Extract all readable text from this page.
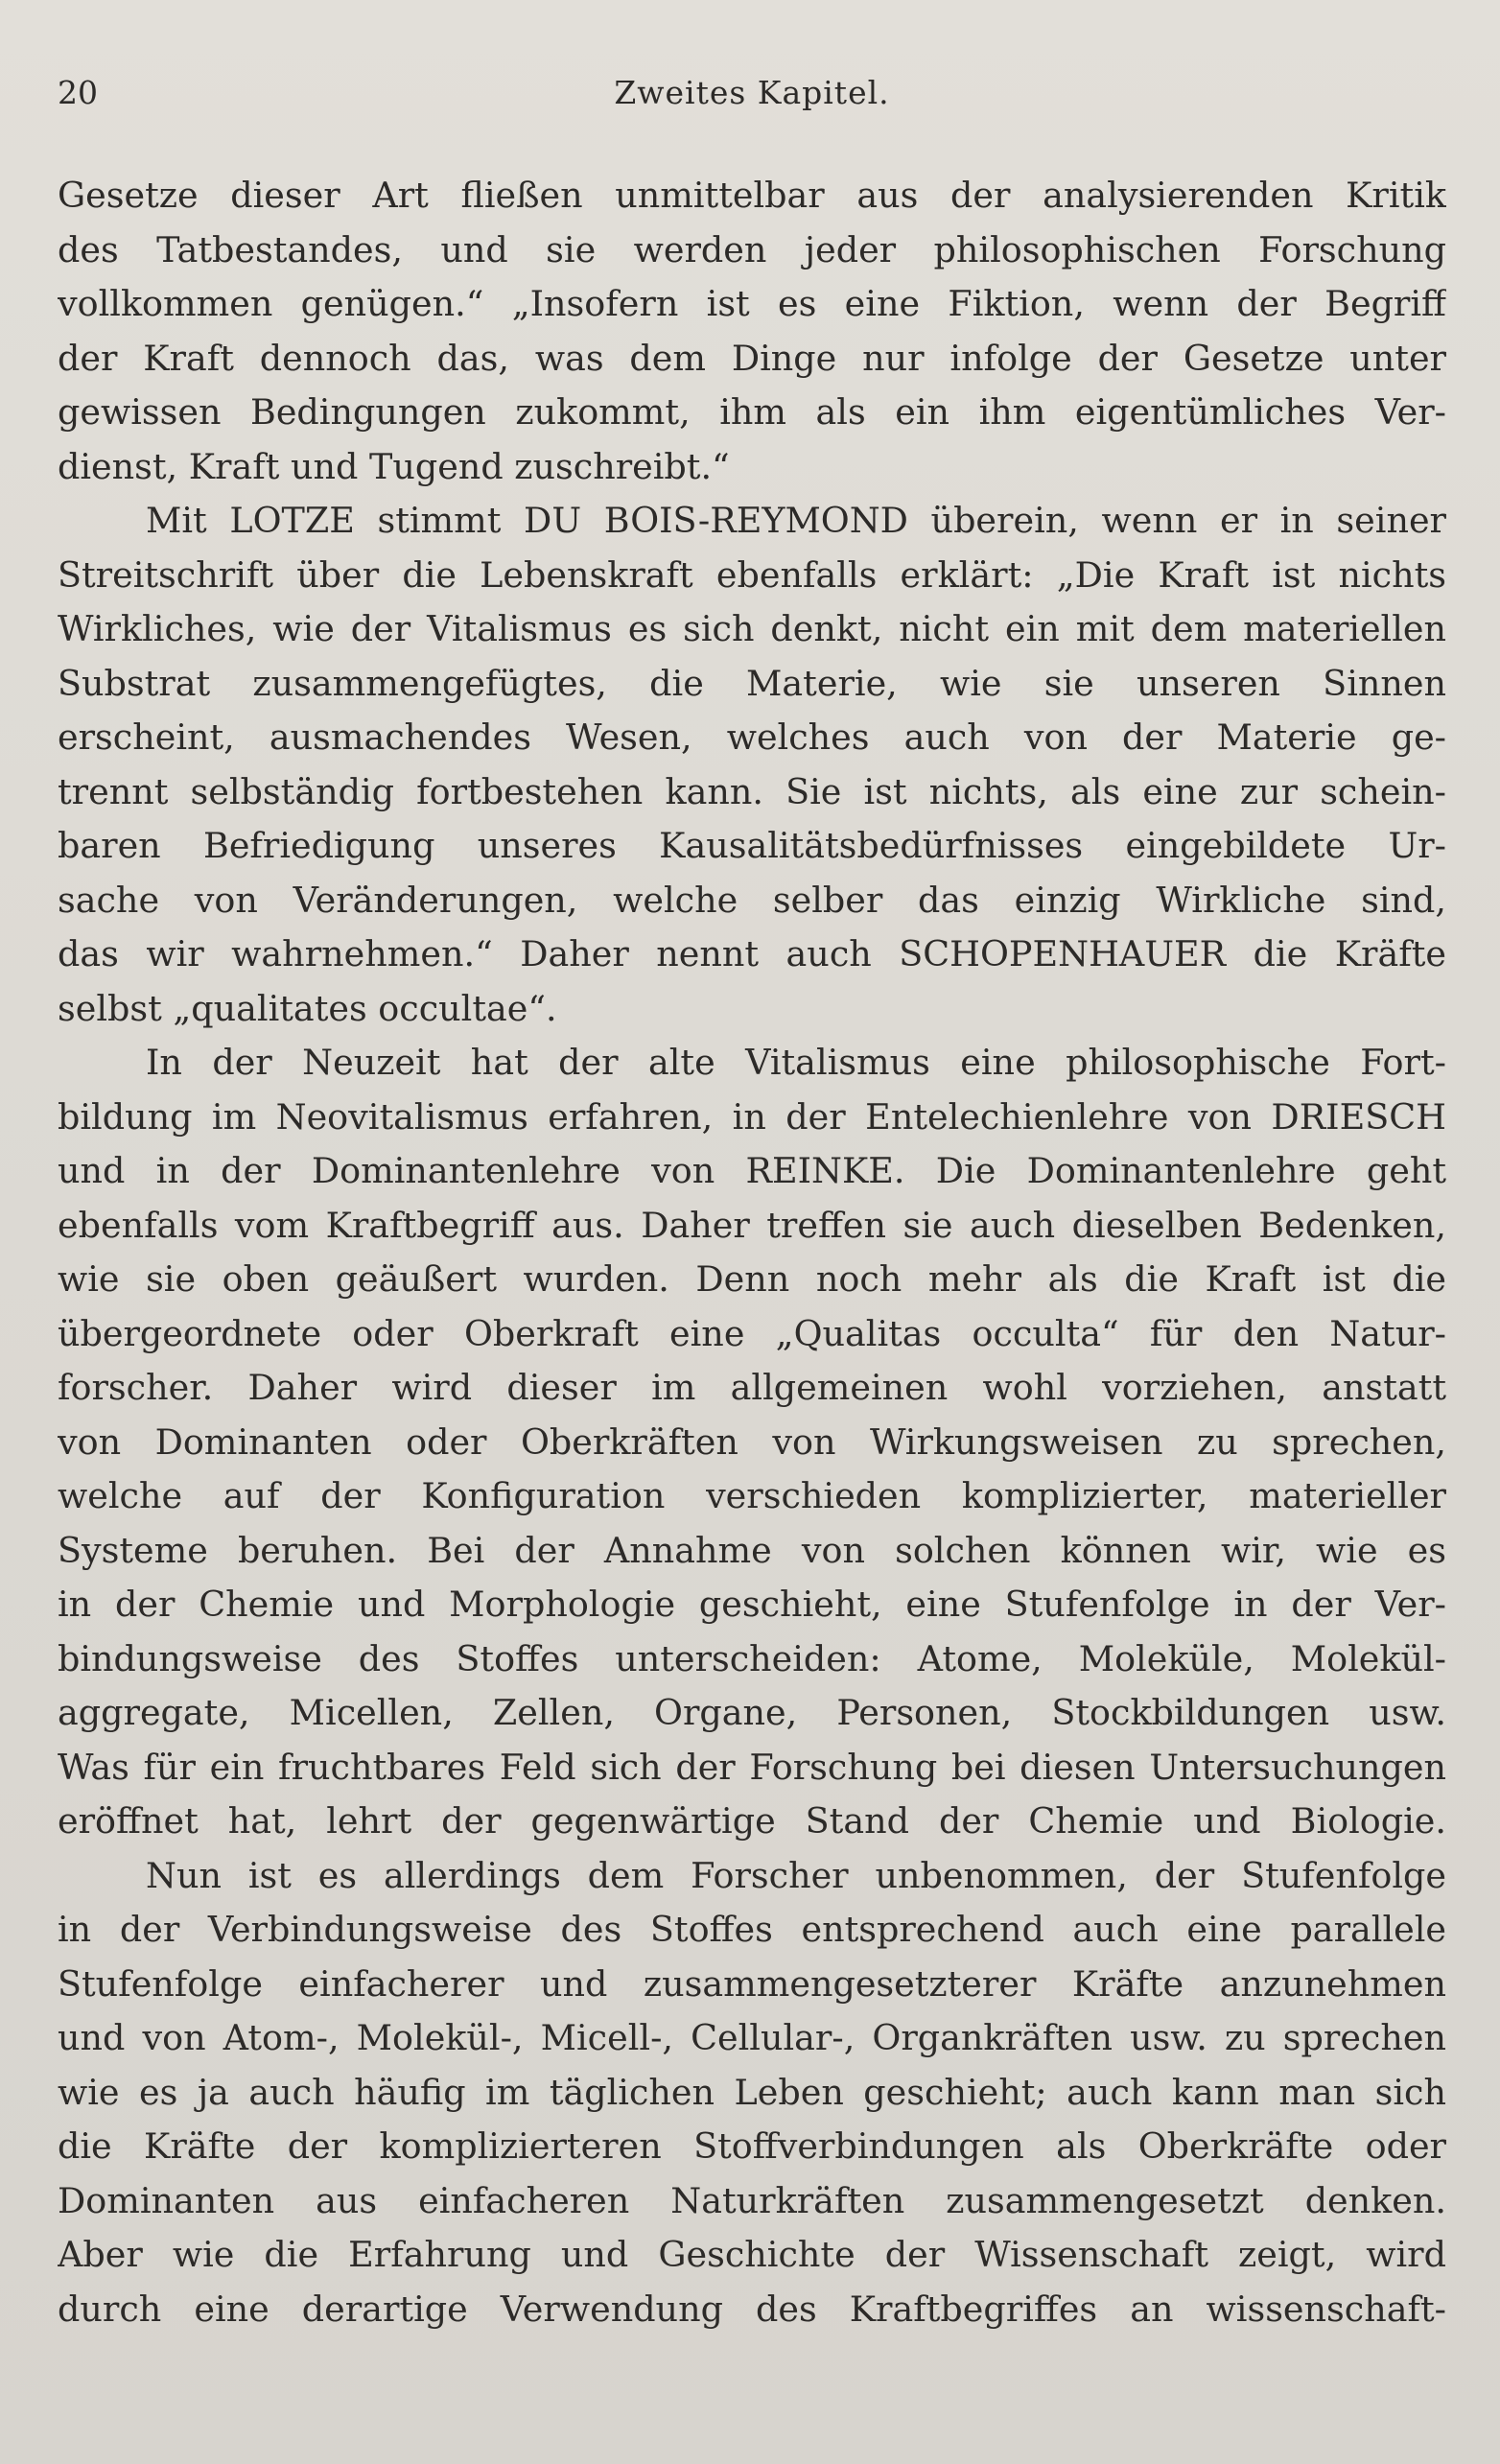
20	Zweites Kapitel.
Gesetze dieser Art fließen unmittelbar aus der analysierenden Kritik
des Tatbestandes, und sie werden jeder philosophischen Forschung
vollkommen genügen.“ „Insofern ist es eine Fiktion, wenn der Begriff
der Kraft dennoch das, was dem Dinge nur infolge der Gesetze unter
gewissen Bedingungen zukommt, ihm als ein ihm eigentümliches Ver-
dienst, Kraft und Tugend zuschreibt.“
Mit LOTZE stimmt DU BOIS-REYMOND überein, wenn er in seiner
Streitschrift über die Lebenskraft ebenfalls erklärt: „Die Kraft ist nichts
Wirkliches, wie der Vitalismus es sich denkt, nicht ein mit dem materiellen
Substrat zusammengefügtes, die Materie, wie sie unseren Sinnen
erscheint, ausmachendes Wesen, welches auch von der Materie ge-
trennt selbständig fortbestehen kann. Sie ist nichts, als eine zur schein-
baren Befriedigung unseres Kausalitätsbedürfnisses eingebildete Ur-
sache von Veränderungen, welche selber das einzig Wirkliche sind,
das wir wahrnehmen.“ Daher nennt auch SCHOPENHAUER die Kräfte
selbst „qualitates occultae“.
In der Neuzeit hat der alte Vitalismus eine philosophische Fort-
bildung im Neovitalismus erfahren, in der Entelechienlehre von DRIESCH
und in der Dominantenlehre von REINKE. Die Dominantenlehre geht
ebenfalls vom Kraftbegriff aus. Daher treffen sie auch dieselben Bedenken,
wie sie oben geäußert wurden. Denn noch mehr als die Kraft ist die
übergeordnete oder Oberkraft eine „Qualitas occulta“ für den Natur-
forscher. Daher wird dieser im allgemeinen wohl vorziehen, anstatt
von Dominanten oder Oberkräften von Wirkungsweisen zu sprechen,
welche auf der Konfiguration verschieden komplizierter, materieller
Systeme beruhen. Bei der Annahme von solchen können wir, wie es
in der Chemie und Morphologie geschieht, eine Stufenfolge in der Ver-
bindungsweise des Stoffes unterscheiden: Atome, Moleküle, Molekül-
aggregate, Micellen, Zellen, Organe, Personen, Stockbildungen usw.
Was für ein fruchtbares Feld sich der Forschung bei diesen Untersuchungen
eröffnet hat, lehrt der gegenwärtige Stand der Chemie und Biologie.
Nun ist es allerdings dem Forscher unbenommen, der Stufenfolge
in der Verbindungsweise des Stoffes entsprechend auch eine parallele
Stufenfolge einfacherer und zusammengesetzterer Kräfte anzunehmen
und von Atom-, Molekül-, Micell-, Cellular-, Organkräften usw. zu sprechen
wie es ja auch häufig im täglichen Leben geschieht; auch kann man sich
die Kräfte der komplizierteren Stoffverbindungen als Oberkräfte oder
Dominanten aus einfacheren Naturkräften zusammengesetzt denken.
Aber wie die Erfahrung und Geschichte der Wissenschaft zeigt, wird
durch eine derartige Verwendung des Kraftbegriffes an wissenschaft-
